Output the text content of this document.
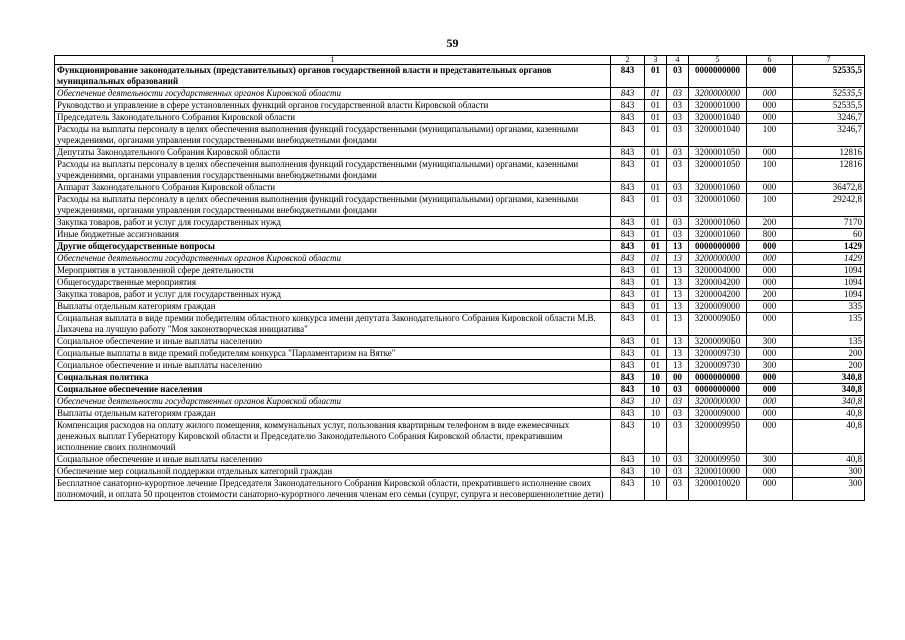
59
1	2	3	4	5	6	7
Функционирование законодательных (представительных) органов государственной власти и представительных органов муниципальных образований	843	01	03	0000000000	000	52535,5
Обеспечение деятельности государственных органов Кировской области	843	01	03	3200000000	000	52535,5
Руководство и управление в сфере установленных функций органов государственной власти Кировской области	843	01	03	3200001000	000	52535,5
Председатель Законодательного Собрания Кировской области	843	01	03	3200001040	000	3246,7
Расходы на выплаты персоналу в целях обеспечения выполнения функций государственными (муниципальными) органами, казенными учреждениями, органами управления государственными внебюджетными фондами	843	01	03	3200001040	100	3246,7
Депутаты Законодательного Собрания Кировской области	843	01	03	3200001050	000	12816
Расходы на выплаты персоналу в целях обеспечения выполнения функций государственными (муниципальными) органами, казенными учреждениями, органами управления государственными внебюджетными фондами	843	01	03	3200001050	100	12816
Аппарат Законодательного Собрания Кировской области	843	01	03	3200001060	000	36472,8
Расходы на выплаты персоналу в целях обеспечения выполнения функций государственными (муниципальными) органами, казенными учреждениями, органами управления государственными внебюджетными фондами	843	01	03	3200001060	100	29242,8
Закупка товаров, работ и услуг для государственных нужд	843	01	03	3200001060	200	7170
Иные бюджетные ассигнования	843	01	03	3200001060	800	60
Другие общегосударственные вопросы	843	01	13	0000000000	000	1429
Обеспечение деятельности государственных органов Кировской области	843	01	13	3200000000	000	1429
Мероприятия в установленной сфере деятельности	843	01	13	3200004000	000	1094
Общегосударственные мероприятия	843	01	13	3200004200	000	1094
Закупка товаров, работ и услуг для государственных нужд	843	01	13	3200004200	200	1094
Выплаты отдельным категориям граждан	843	01	13	3200009000	000	335
Социальная выплата в виде премии победителям областного конкурса имени депутата Законодательного Собрания Кировской области М.В. Лихачева на лучшую работу "Моя законотворческая инициатива"	843	01	13	32000090Б0	000	135
Социальное обеспечение и иные выплаты населению	843	01	13	32000090Б0	300	135
Социальные выплаты в виде премий победителям конкурса "Парламентаризм на Вятке"	843	01	13	3200009730	000	200
Социальное обеспечение и иные выплаты населению	843	01	13	3200009730	300	200
Социальная политика	843	10	00	0000000000	000	340,8
Социальное обеспечение населения	843	10	03	0000000000	000	340,8
Обеспечение деятельности государственных органов Кировской области	843	10	03	3200000000	000	340,8
Выплаты отдельным категориям граждан	843	10	03	3200009000	000	40,8
Компенсация расходов на оплату жилого помещения, коммунальных услуг, пользования квартирным телефоном в виде ежемесячных денежных выплат Губернатору Кировской области и Председателю Законодательного Собрания Кировской области, прекратившим исполнение своих полномочий	843	10	03	3200009950	000	40,8
Социальное обеспечение и иные выплаты населению	843	10	03	3200009950	300	40,8
Обеспечение мер социальной поддержки отдельных категорий граждан	843	10	03	3200010000	000	300
Бесплатное санаторно-курортное лечение Председателя Законодательного Собрания Кировской области, прекратившего исполнение своих полномочий, и оплата 50 процентов стоимости санаторно-курортного лечения членам его семьи (супруг, супруга и несовершеннолетние дети)	843	10	03	3200010020	000	300
